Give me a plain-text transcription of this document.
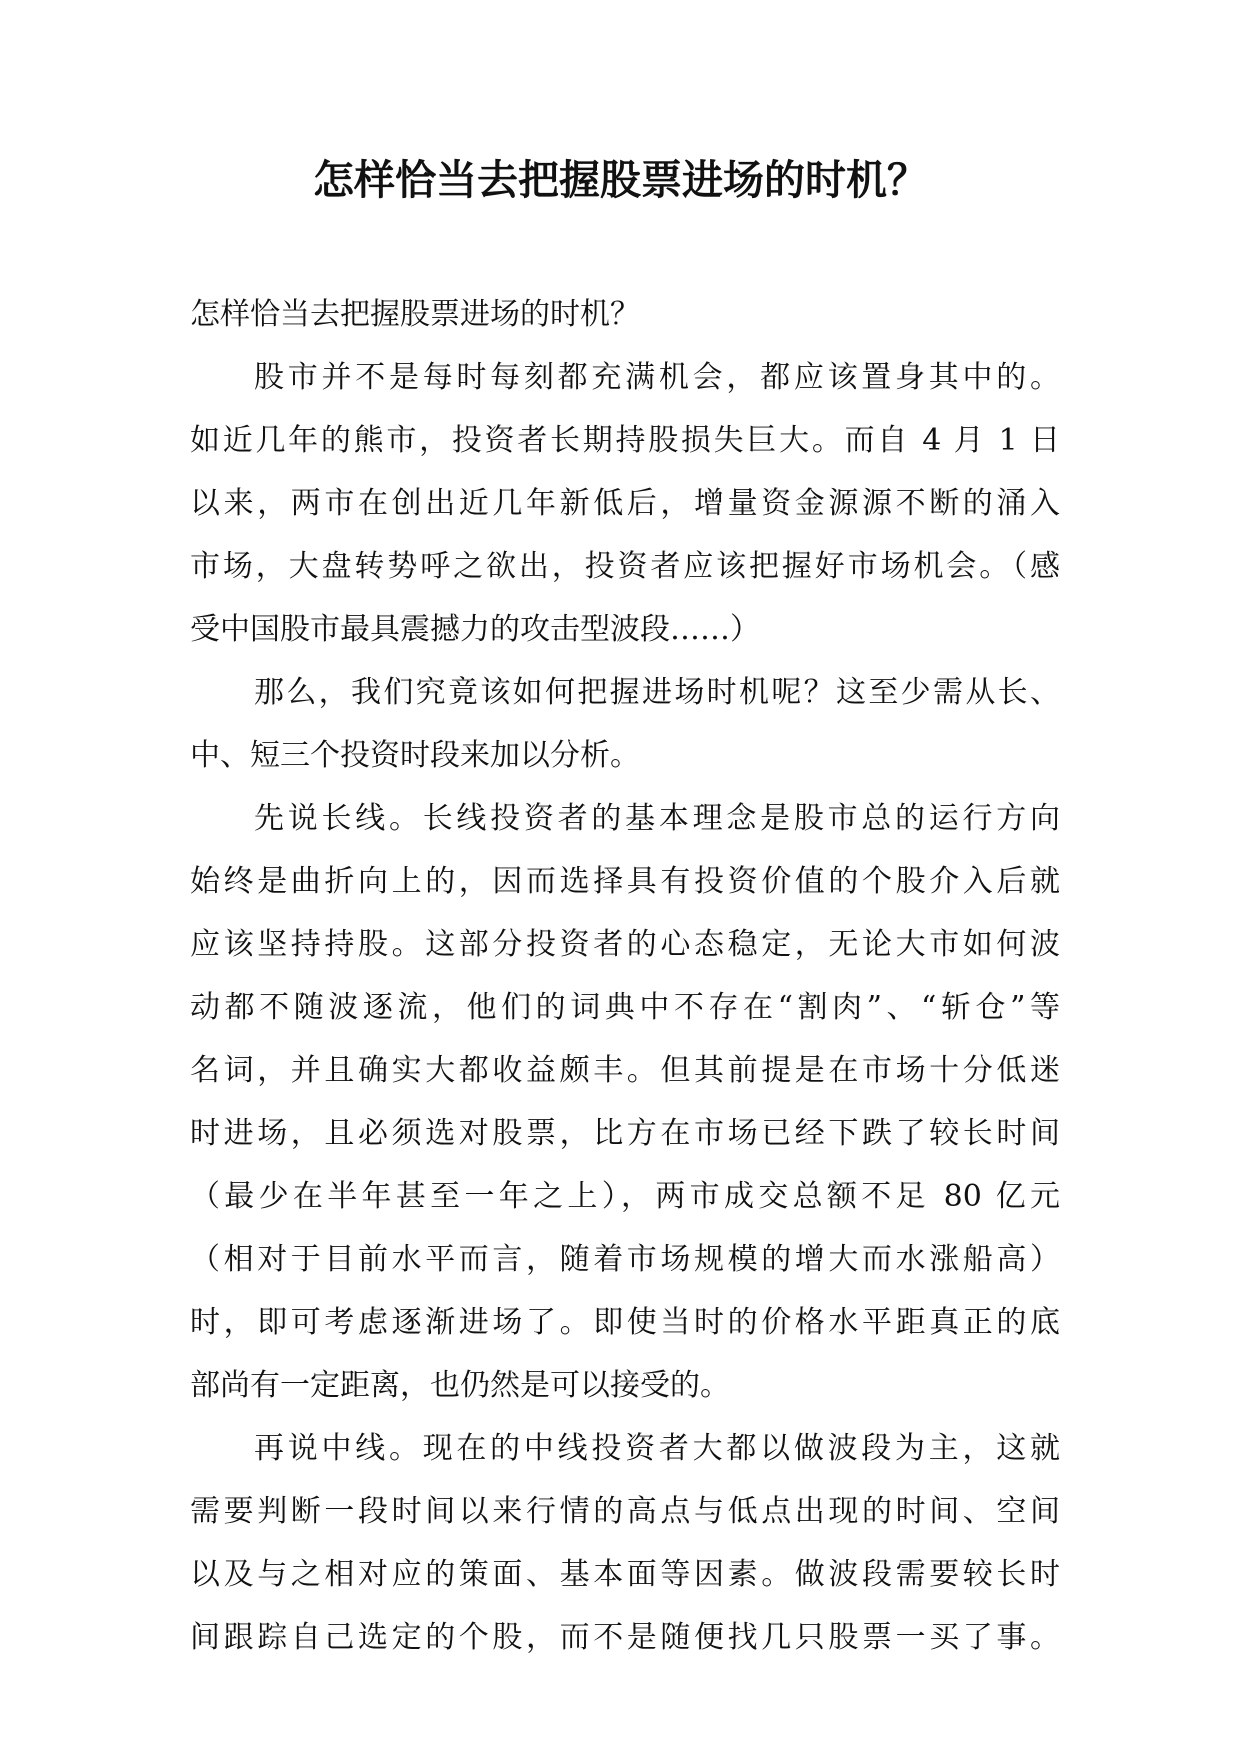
怎样恰当去把握股票进场的时机？
怎样恰当去把握股票进场的时机？
股市并不是每时每刻都充满机会，都应该置身其中的。
如近几年的熊市，投资者长期持股损失巨大。而自 4 月 1 日
以来，两市在创出近几年新低后，增量资金源源不断的涌入
市场，大盘转势呼之欲出，投资者应该把握好市场机会。（感
受中国股市最具震撼力的攻击型波段……）
那么，我们究竟该如何把握进场时机呢？这至少需从长、
中、短三个投资时段来加以分析。
先说长线。长线投资者的基本理念是股市总的运行方向
始终是曲折向上的，因而选择具有投资价值的个股介入后就
应该坚持持股。这部分投资者的心态稳定，无论大市如何波
动都不随波逐流，他们的词典中不存在“割肉”、“斩仓”等
名词，并且确实大都收益颇丰。但其前提是在市场十分低迷
时进场，且必须选对股票，比方在市场已经下跌了较长时间
（最少在半年甚至一年之上），两市成交总额不足 80 亿元
（相对于目前水平而言，随着市场规模的增大而水涨船高）
时，即可考虑逐渐进场了。即使当时的价格水平距真正的底
部尚有一定距离，也仍然是可以接受的。
再说中线。现在的中线投资者大都以做波段为主，这就
需要判断一段时间以来行情的高点与低点出现的时间、空间
以及与之相对应的策面、基本面等因素。做波段需要较长时
间跟踪自己选定的个股，而不是随便找几只股票一买了事。
